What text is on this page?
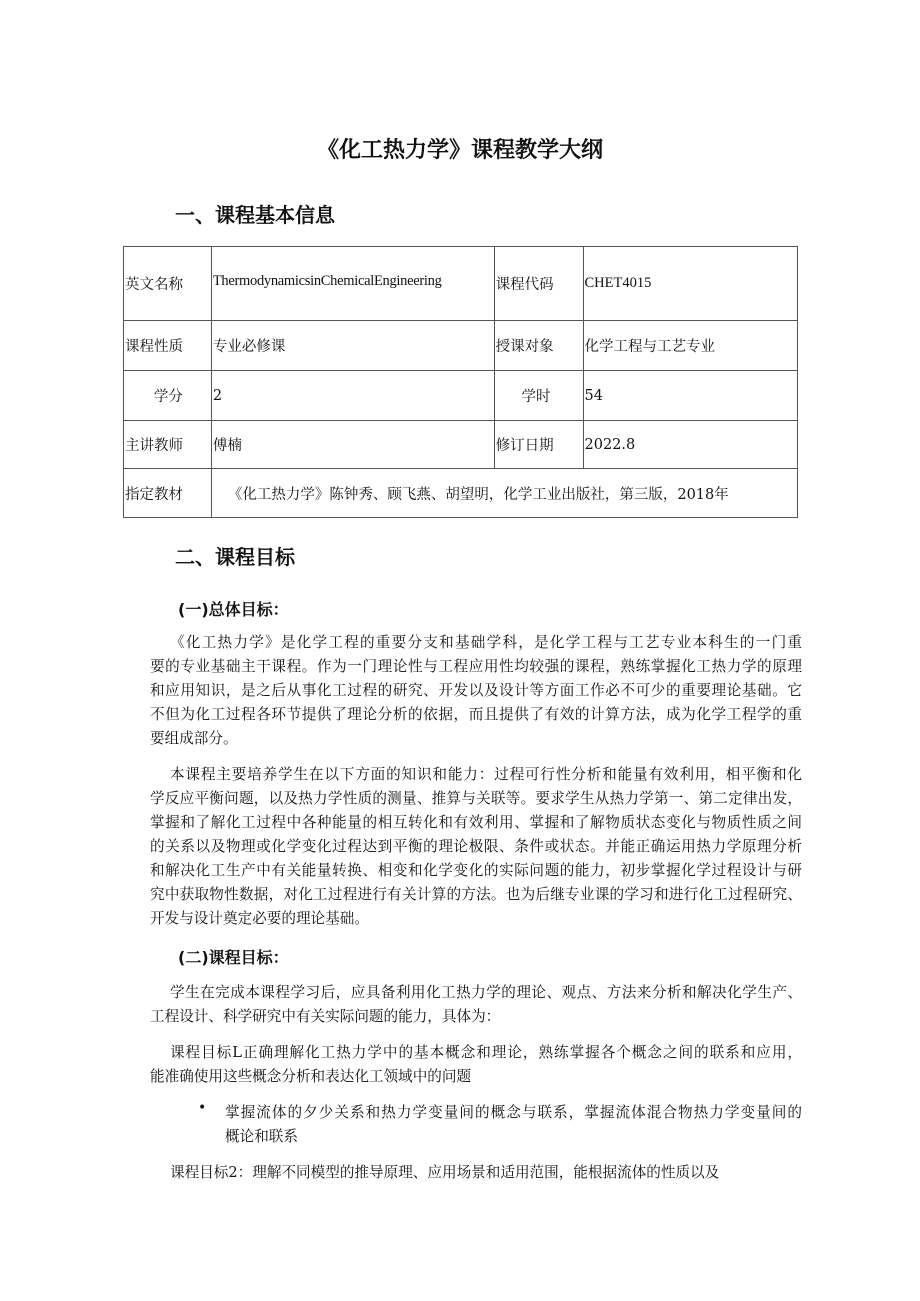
《化工热力学》课程教学大纲
一、课程基本信息
英文名称	ThermodynamicsinChemicalEngineering	课程代码	CHET4015
课程性质	专业必修课	授课对象	化学工程与工艺专业
学分	2	学时	54
主讲教师	傅楠	修订日期	2022.8
指定教材	《化工热力学》陈钟秀、顾飞燕、胡望明，化学工业出版社，第三版，2018年		
二、课程目标
(一)总体目标：
《化工热力学》是化学工程的重要分支和基础学科，是化学工程与工艺专业本科生的一门重
要的专业基础主干课程。作为一门理论性与工程应用性均较强的课程，熟练掌握化工热力学的原理
和应用知识，是之后从事化工过程的研究、开发以及设计等方面工作必不可少的重要理论基础。它
不但为化工过程各环节提供了理论分析的依据，而且提供了有效的计算方法，成为化学工程学的重
要组成部分。
本课程主要培养学生在以下方面的知识和能力：过程可行性分析和能量有效利用，相平衡和化
学反应平衡问题，以及热力学性质的测量、推算与关联等。要求学生从热力学第一、第二定律出发，
掌握和了解化工过程中各种能量的相互转化和有效利用、掌握和了解物质状态变化与物质性质之间
的关系以及物理或化学变化过程达到平衡的理论极限、条件或状态。并能正确运用热力学原理分析
和解决化工生产中有关能量转换、相变和化学变化的实际问题的能力，初步掌握化学过程设计与研
究中获取物性数据，对化工过程进行有关计算的方法。也为后继专业课的学习和进行化工过程研究、
开发与设计奠定必要的理论基础。
(二)课程目标：
学生在完成本课程学习后，应具备利用化工热力学的理论、观点、方法来分析和解决化学生产、
工程设计、科学研究中有关实际问题的能力，具体为：
课程目标L正确理解化工热力学中的基本概念和理论，熟练掌握各个概念之间的联系和应用，
能准确使用这些概念分析和表达化工领域中的问题
• 掌握流体的夕少关系和热力学变量间的概念与联系，掌握流体混合物热力学变量间的
概论和联系
课程目标2：理解不同模型的推导原理、应用场景和适用范围，能根据流体的性质以及
